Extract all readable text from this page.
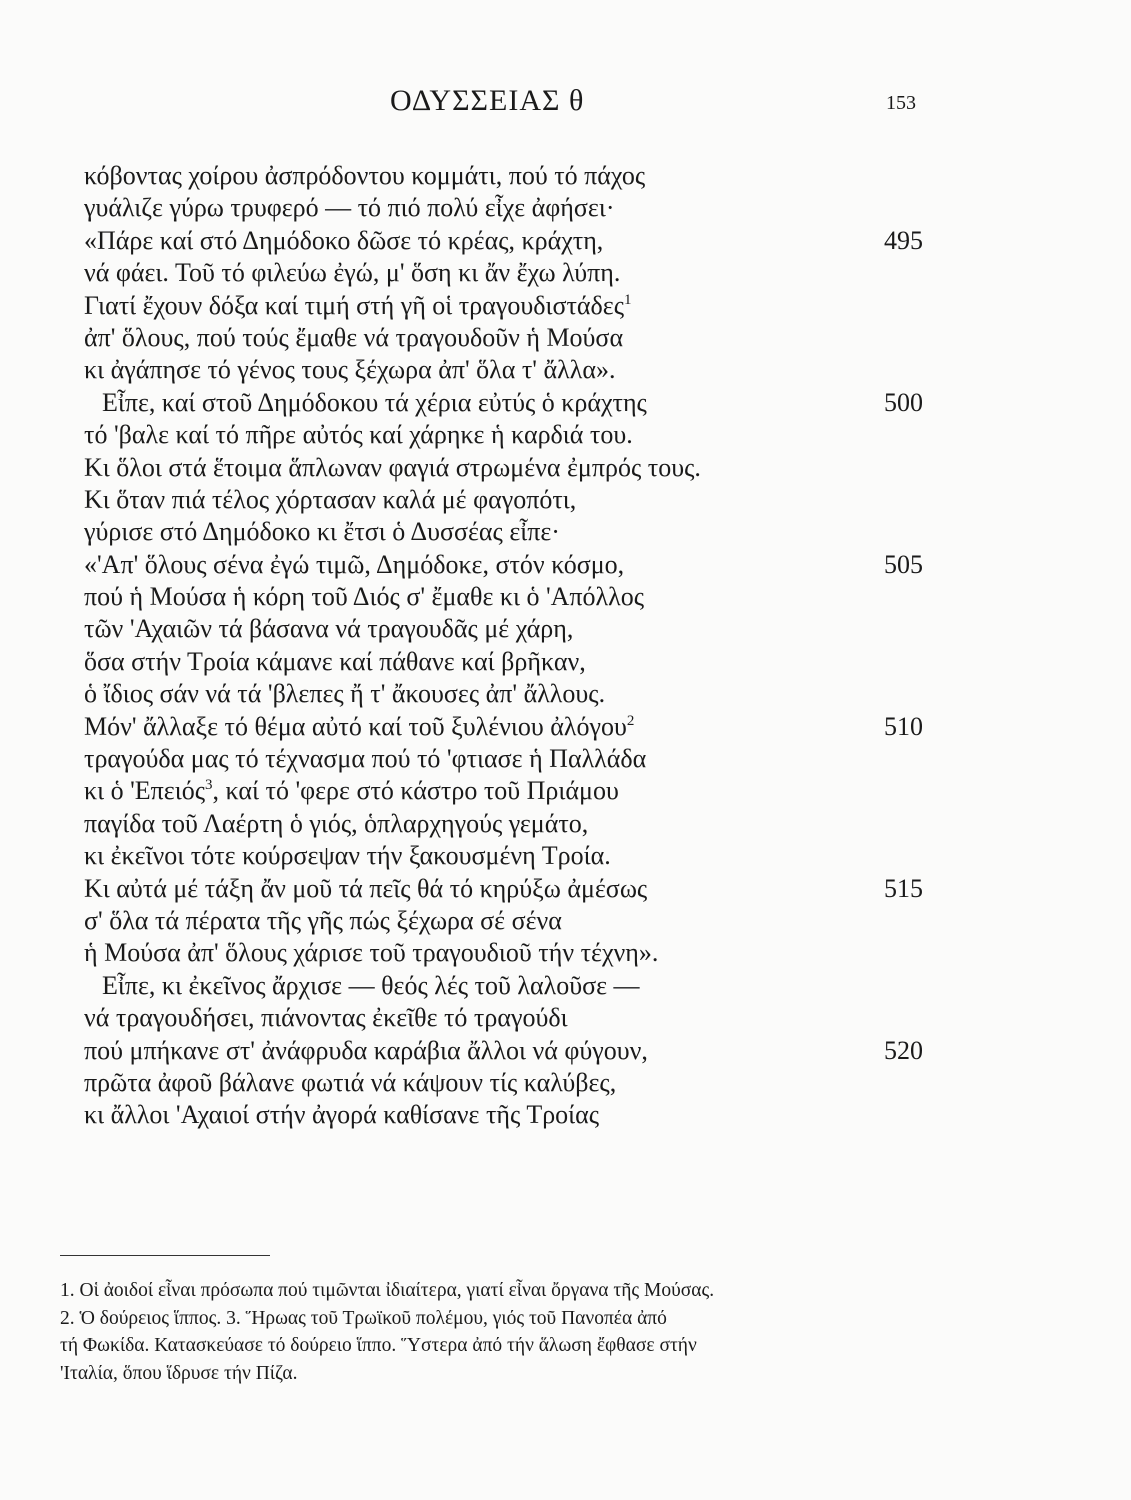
ΟΔΥΣΣΕΙΑΣ θ	153
κόβοντας χοίρου ἀσπρόδοντου κομμάτι, πού τό πάχος
γυάλιζε γύρω τρυφερό — τό πιό πολύ εἶχε ἀφήσει·
«Πάρε καί στό Δημόδοκο δῶσε τό κρέας, κράχτη,	495
νά φάει. Τοῦ τό φιλεύω ἐγώ, μ' ὅση κι ἄν ἔχω λύπη.
Γιατί ἔχουν δόξα καί τιμή στή γῆ οἱ τραγουδιστάδες$^1$
ἀπ' ὅλους, πού τούς ἔμαθε νά τραγουδοῦν ἡ Μούσα
κι ἀγάπησε τό γένος τους ξέχωρα ἀπ' ὅλα τ' ἄλλα».
Εἶπε, καί στοῦ Δημόδοκου τά χέρια εὐτύς ὁ κράχτης	500
τό 'βαλε καί τό πῆρε αὐτός καί χάρηκε ἡ καρδιά του.
Κι ὅλοι στά ἕτοιμα ἅπλωναν φαγιά στρωμένα ἐμπρός τους.
Κι ὅταν πιά τέλος χόρτασαν καλά μέ φαγοπότι,
γύρισε στό Δημόδοκο κι ἔτσι ὁ Δυσσέας εἶπε·
«'Απ' ὅλους σένα ἐγώ τιμῶ, Δημόδοκε, στόν κόσμο,	505
πού ἡ Μούσα ἡ κόρη τοῦ Διός σ' ἔμαθε κι ὁ 'Απόλλος
τῶν 'Αχαιῶν τά βάσανα νά τραγουδᾶς μέ χάρη,
ὅσα στήν Τροία κάμανε καί πάθανε καί βρῆκαν,
ὁ ἴδιος σάν νά τά 'βλεπες ἤ τ' ἄκουσες ἀπ' ἄλλους.
Μόν' ἄλλαξε τό θέμα αὐτό καί τοῦ ξυλένιου ἀλόγου$^2$	510
τραγούδα μας τό τέχνασμα πού τό 'φτιασε ἡ Παλλάδα
κι ὁ 'Επειός$^3$, καί τό 'φερε στό κάστρο τοῦ Πριάμου
παγίδα τοῦ Λαέρτη ὁ γιός, ὁπλαρχηγούς γεμάτο,
κι ἐκεῖνοι τότε κούρσεψαν τήν ξακουσμένη Τροία.
Κι αὐτά μέ τάξη ἄν μοῦ τά πεῖς θά τό κηρύξω ἀμέσως	515
σ' ὅλα τά πέρατα τῆς γῆς πώς ξέχωρα σέ σένα
ἡ Μούσα ἀπ' ὅλους χάρισε τοῦ τραγουδιοῦ τήν τέχνη».
Εἶπε, κι ἐκεῖνος ἄρχισε — θεός λές τοῦ λαλοῦσε —
νά τραγουδήσει, πιάνοντας ἐκεῖθε τό τραγούδι
πού μπήκανε στ' ἀνάφρυδα καράβια ἄλλοι νά φύγουν,	520
πρῶτα ἀφοῦ βάλανε φωτιά νά κάψουν τίς καλύβες,
κι ἄλλοι 'Αχαιοί στήν ἀγορά καθίσανε τῆς Τροίας
1. Οἱ ἀοιδοί εἶναι πρόσωπα πού τιμῶνται ἰδιαίτερα, γιατί εἶναι ὄργανα τῆς Μούσας.
2. Ὁ δούρειος ἵππος. 3. Ἥρωας τοῦ Τρωϊκοῦ πολέμου, γιός τοῦ Πανοπέα ἀπό
τή Φωκίδα. Κατασκεύασε τό δούρειο ἵππο. Ὕστερα ἀπό τήν ἅλωση ἔφθασε στήν
'Ιταλία, ὅπου ἵδρυσε τήν Πίζα.
